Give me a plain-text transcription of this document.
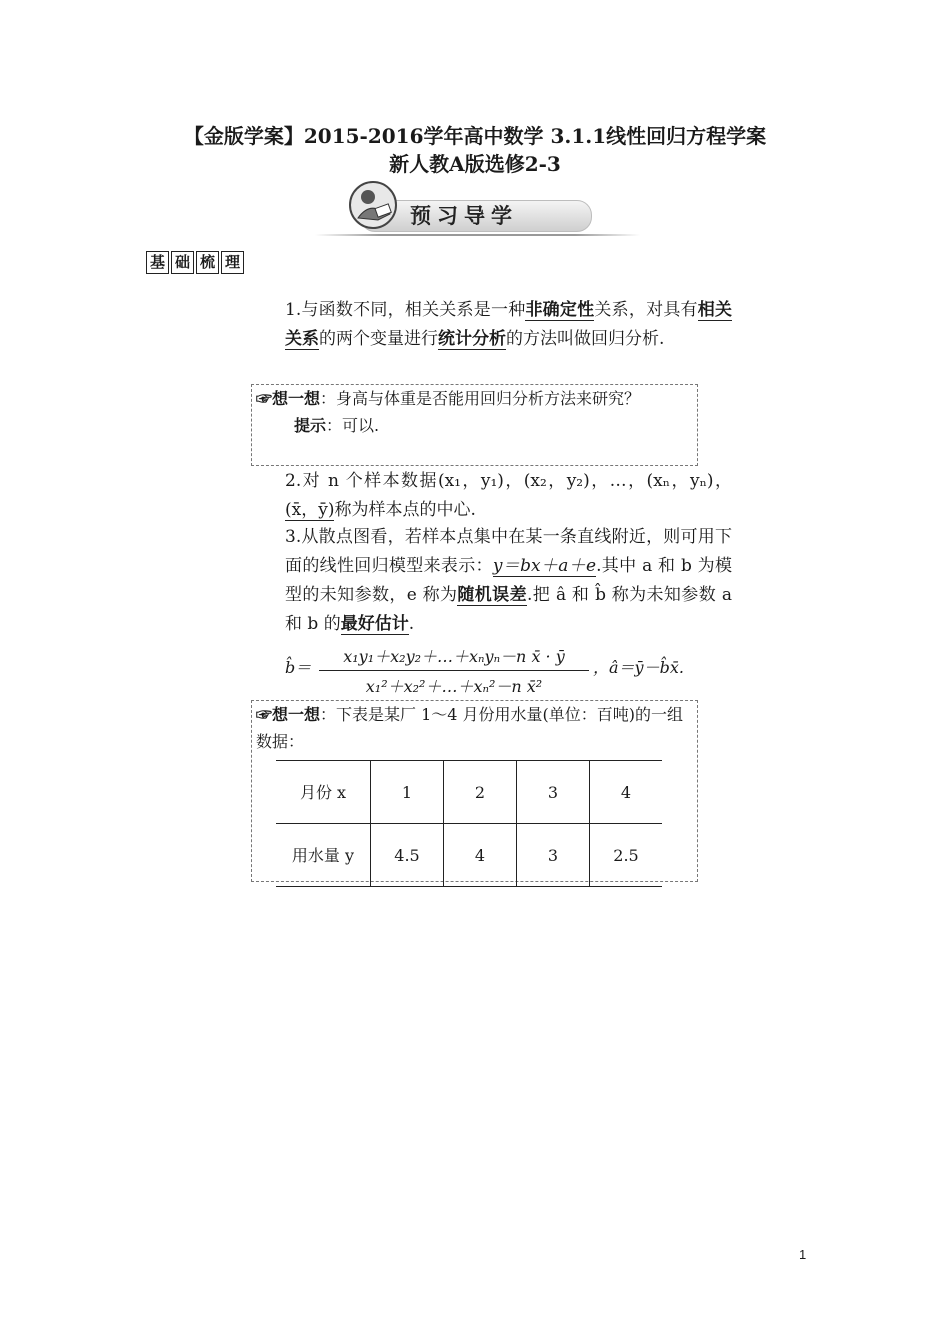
【金版学案】2015-2016学年高中数学 3.1.1线性回归方程学案
新人教A版选修2-3
预习导学
基 础 梳 理
1.与函数不同，相关关系是一种非确定性关系，对具有相关关系的两个变量进行统计分析的方法叫做回归分析.
☞想一想：身高与体重是否能用回归分析方法来研究？
提示：可以.
2.对 n 个样本数据(x₁，y₁)，(x₂，y₂)，…，(xₙ，yₙ)，(x̄，ȳ)称为样本点的中心.
3.从散点图看，若样本点集中在某一条直线附近，则可用下面的线性回归模型来表示：y＝bx＋a＋e.其中 a 和 b 为模型的未知参数，e 称为随机误差.把 â 和 b̂ 称为未知参数 a 和 b 的最好估计.
b̂＝
x₁y₁＋x₂y₂＋…＋xₙyₙ－n x̄ · ȳ
x₁²＋x₂²＋…＋xₙ²－n x̄²
，â＝ȳ－b̂x̄.
☞想一想：下表是某厂 1～4 月份用水量(单位：百吨)的一组数据：
月份 x	1	2	3	4
用水量 y	4.5	4	3	2.5
1
